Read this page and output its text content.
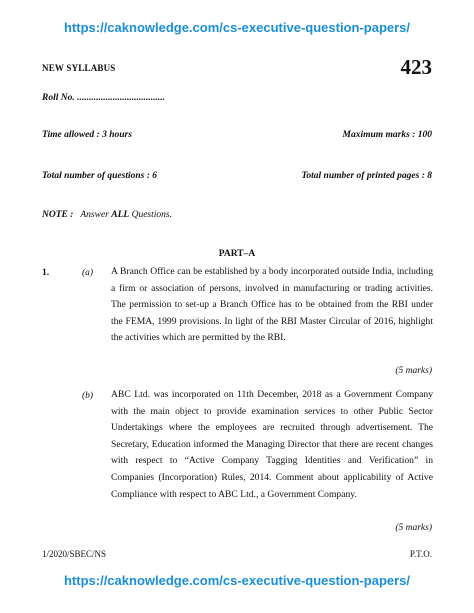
https://caknowledge.com/cs-executive-question-papers/
NEW SYLLABUS	423
Roll No. .....................................
Time allowed : 3 hours	Maximum marks : 100
Total number of questions : 6	Total number of printed pages : 8
NOTE : Answer ALL Questions.
PART–A
1.	(a) A Branch Office can be established by a body incorporated outside India, including a firm or association of persons, involved in manufacturing or trading activities. The permission to set-up a Branch Office has to be obtained from the RBI under the FEMA, 1999 provisions. In light of the RBI Master Circular of 2016, highlight the activities which are permitted by the RBI.

(5 marks)
(b) ABC Ltd. was incorporated on 11th December, 2018 as a Government Company with the main object to provide examination services to other Public Sector Undertakings where the employees are recruited through advertisement. The Secretary, Education informed the Managing Director that there are recent changes with respect to “Active Company Tagging Identities and Verification” in Companies (Incorporation) Rules, 2014. Comment about applicability of Active Compliance with respect to ABC Ltd., a Government Company.

(5 marks)
1/2020/SBEC/NS	P.T.O.
https://caknowledge.com/cs-executive-question-papers/
